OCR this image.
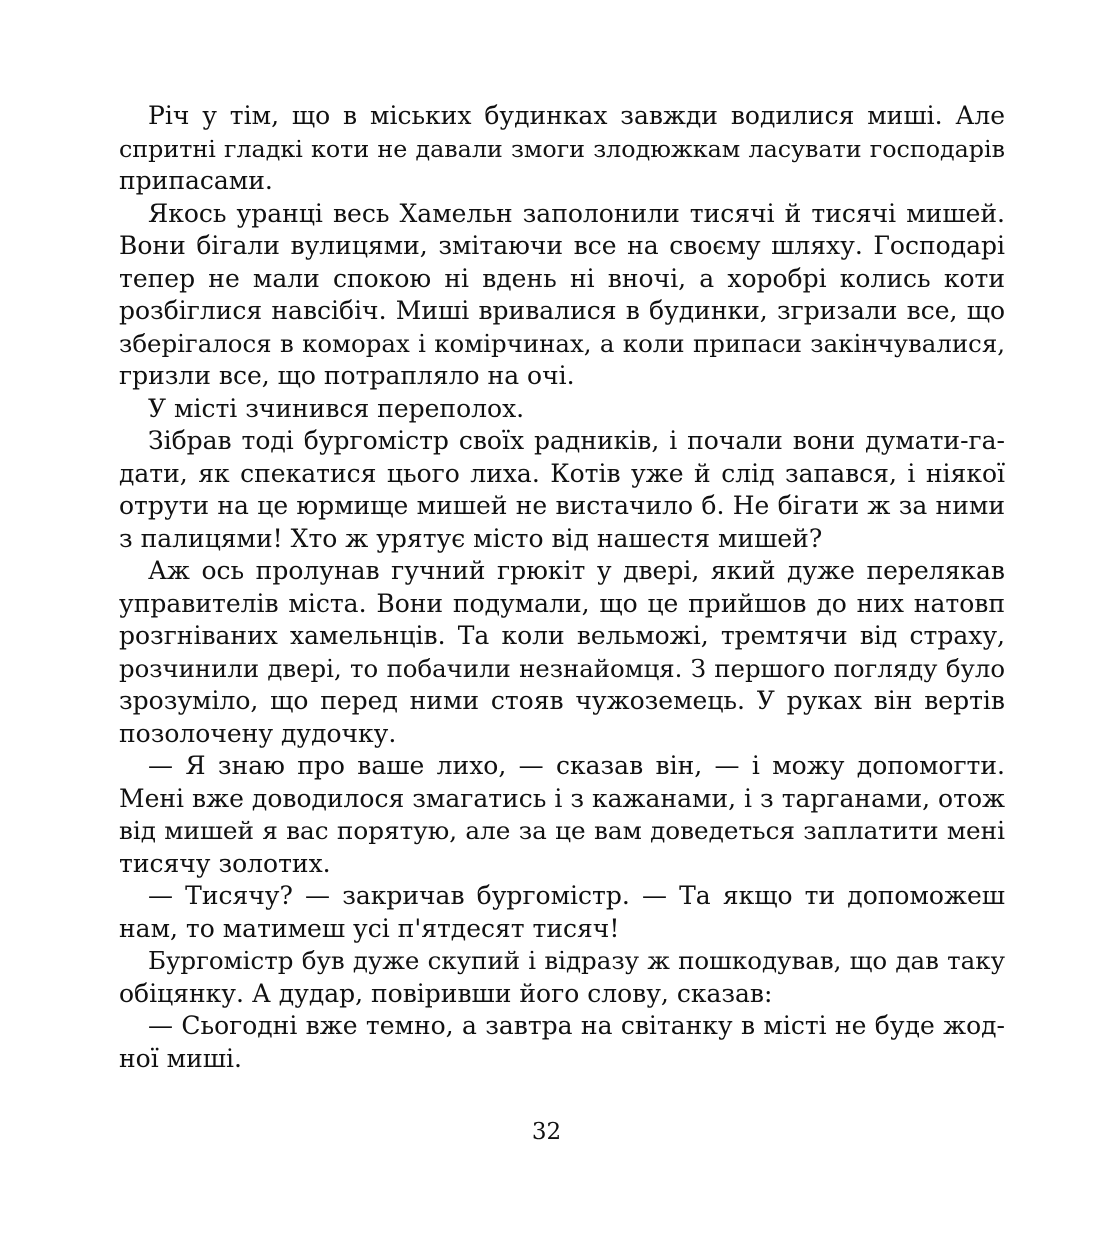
Річ у тім, що в міських будинках завжди водилися миші. Але
спритні гладкі коти не давали змоги злодюжкам ласувати господарів
припасами.
Якось уранці весь Хамельн заполонили тисячі й тисячі мишей.
Вони бігали вулицями, змітаючи все на своєму шляху. Господарі
тепер не мали спокою ні вдень ні вночі, а хоробрі колись коти
розбіглися навсібіч. Миші вривалися в будинки, згризали все, що
зберігалося в коморах і комірчинах, а коли припаси закінчувалися,
гризли все, що потрапляло на очі.
У місті зчинився переполох.
Зібрав тоді бургомістр своїх радників, і почали вони думати-га-
дати, як спекатися цього лиха. Котів уже й слід запався, і ніякої
отрути на це юрмище мишей не вистачило б. Не бігати ж за ними
з палицями! Хто ж урятує місто від нашестя мишей?
Аж ось пролунав гучний грюкіт у двері, який дуже перелякав
управителів міста. Вони подумали, що це прийшов до них натовп
розгніваних хамельнців. Та коли вельможі, тремтячи від страху,
розчинили двері, то побачили незнайомця. З першого погляду було
зрозуміло, що перед ними стояв чужоземець. У руках він вертів
позолочену дудочку.
— Я знаю про ваше лихо, — сказав він, — і можу допомогти.
Мені вже доводилося змагатись і з кажанами, і з тарганами, отож
від мишей я вас порятую, але за це вам доведеться заплатити мені
тисячу золотих.
— Тисячу? — закричав бургомістр. — Та якщо ти допоможеш
нам, то матимеш усі п'ятдесят тисяч!
Бургомістр був дуже скупий і відразу ж пошкодував, що дав таку
обіцянку. А дудар, повіривши його слову, сказав:
— Сьогодні вже темно, а завтра на світанку в місті не буде жод-
ної миші.
32
